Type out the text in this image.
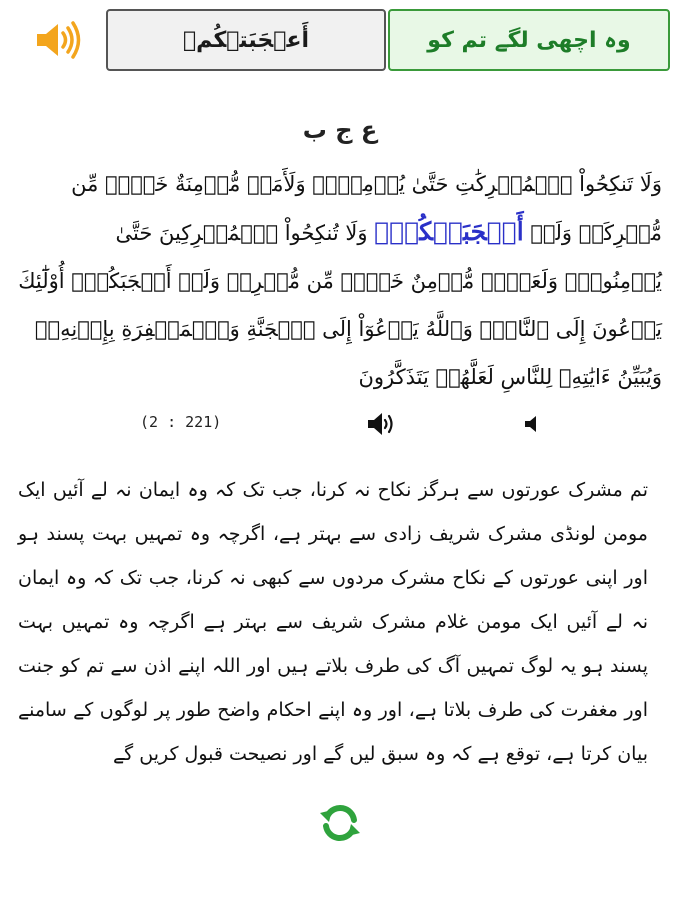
أَعۡجَبَتۡكُمۡ	وہ اچھی لگے تم کو
ع ج ب
وَلَا تَنكِحُواْ ٱلۡمُشۡرِكَٰتِ حَتَّىٰ يُؤۡمِنَّۚ وَلَأَمَةٞ مُّؤۡمِنَةٌ خَيۡرٞ مِّن مُّشۡرِكَةٖ وَلَوۡ أَعۡجَبَتۡكُمۡۗ وَلَا تُنكِحُواْ ٱلۡمُشۡرِكِينَ حَتَّىٰ يُؤۡمِنُواْۚ وَلَعَبۡدٞ مُّؤۡمِنٌ خَيۡرٞ مِّن مُّشۡرِكٖ وَلَوۡ أَعۡجَبَكُمۡۗ أُوْلَٰٓئِكَ يَدۡعُونَ إِلَى ٱلنَّارِۖ وَٱللَّهُ يَدۡعُوٓاْ إِلَى ٱلۡجَنَّةِ وَٱلۡمَغۡفِرَةِ بِإِذۡنِهِۦۖ وَيُبَيِّنُ ءَايَٰتِهِۦ لِلنَّاسِ لَعَلَّهُمۡ يَتَذَكَّرُونَ
(2 : 221)
تم مشرک عورتوں سے ہرگز نکاح نہ کرنا، جب تک کہ وہ ایمان نہ لے آئیں ایک مومن لونڈی مشرک شریف زادی سے بہتر ہے، اگرچہ وہ تمہیں بہت پسند ہو اور اپنی عورتوں کے نکاح مشرک مردوں سے کبھی نہ کرنا، جب تک کہ وہ ایمان نہ لے آئیں ایک مومن غلام مشرک شریف سے بہتر ہے اگرچہ وہ تمہیں بہت پسند ہو یہ لوگ تمہیں آگ کی طرف بلاتے ہیں اور اللہ اپنے اذن سے تم کو جنت اور مغفرت کی طرف بلاتا ہے، اور وہ اپنے احکام واضح طور پر لوگوں کے سامنے بیان کرتا ہے، توقع ہے کہ وہ سبق لیں گے اور نصیحت قبول کریں گے
